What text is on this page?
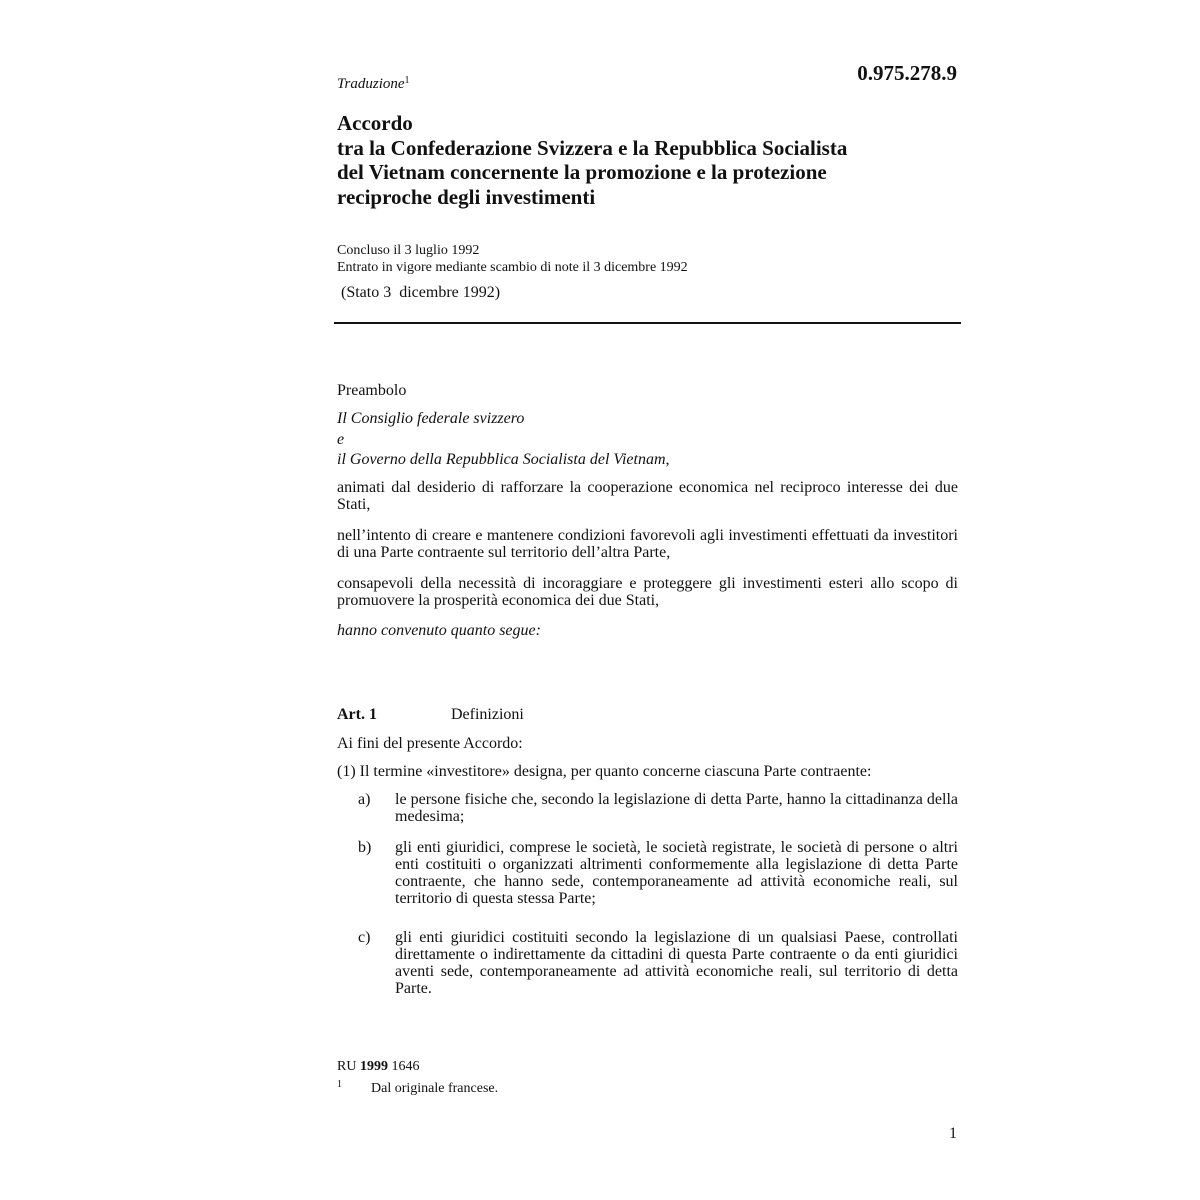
Traduzione$^1$	0.975.278.9
Accordo
tra la Confederazione Svizzera e la Repubblica Socialista
del Vietnam concernente la promozione e la protezione
reciproche degli investimenti
Concluso il 3 luglio 1992
Entrato in vigore mediante scambio di note il 3 dicembre 1992
(Stato 3  dicembre 1992)
Preambolo
Il Consiglio federale svizzero
e
il Governo della Repubblica Socialista del Vietnam,
animati dal desiderio di rafforzare la cooperazione economica nel reciproco interesse dei due Stati,
nell’intento di creare e mantenere condizioni favorevoli agli investimenti effettuati da investitori di una Parte contraente sul territorio dell’altra Parte,
consapevoli della necessità di incoraggiare e proteggere gli investimenti esteri allo scopo di promuovere la prosperità economica dei due Stati,
hanno convenuto quanto segue:
Art. 1	Definizioni
Ai fini del presente Accordo:
(1) Il termine «investitore» designa, per quanto concerne ciascuna Parte contraente:
a) le persone fisiche che, secondo la legislazione di detta Parte, hanno la cittadinanza della medesima;
b) gli enti giuridici, comprese le società, le società registrate, le società di persone o altri enti costituiti o organizzati altrimenti conformemente alla legislazione di detta Parte contraente, che hanno sede, contemporaneamente ad attività economiche reali, sul territorio di questa stessa Parte;
c) gli enti giuridici costituiti secondo la legislazione di un qualsiasi Paese, controllati direttamente o indirettamente da cittadini di questa Parte contraente o da enti giuridici aventi sede, contemporaneamente ad attività economiche reali, sul territorio di detta Parte.
RU 1999 1646
1 Dal originale francese.
1
